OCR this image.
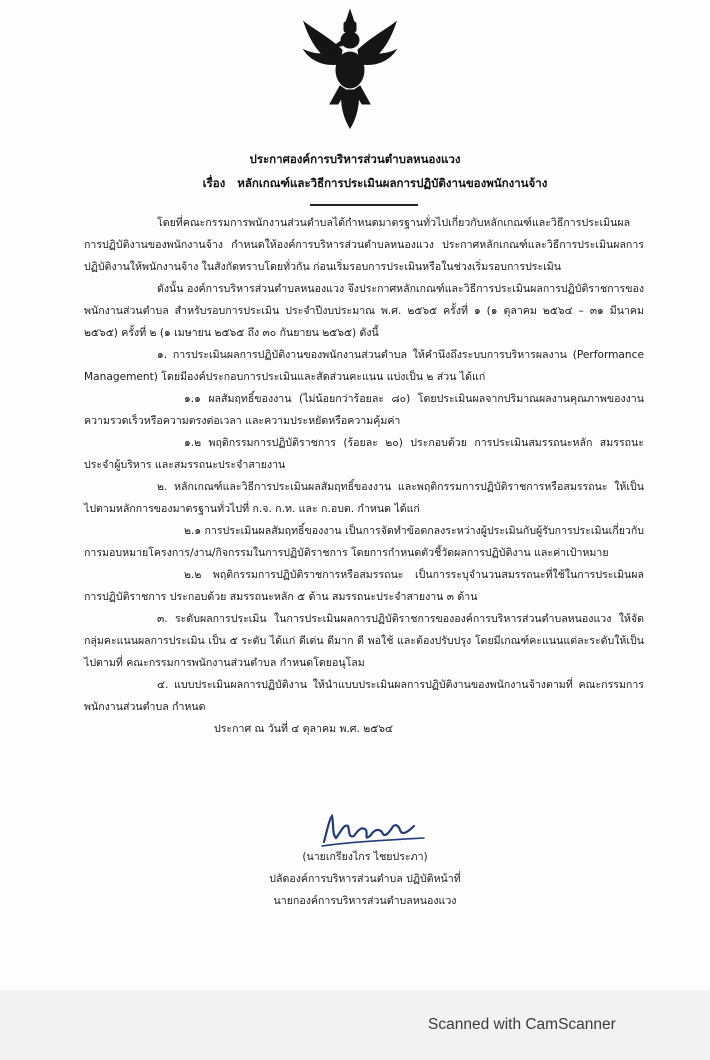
ประกาศองค์การบริหารส่วนตำบลหนองแวง
เรื่อง หลักเกณฑ์และวิธีการประเมินผลการปฏิบัติงานของพนักงานจ้าง

โดยที่คณะกรรมการพนักงานส่วนตำบลได้กำหนดมาตรฐานทั่วไปเกี่ยวกับหลักเกณฑ์และวิธีการประเมินผลการปฏิบัติงานของพนักงานจ้าง กำหนดให้องค์การบริหารส่วนตำบลหนองแวง ประกาศหลักเกณฑ์และวิธีการประเมินผลการปฏิบัติงานให้พนักงานจ้าง ในสังกัดทราบโดยทั่วกัน ก่อนเริ่มรอบการประเมินหรือในช่วงเริ่มรอบการประเมิน

ดังนั้น องค์การบริหารส่วนตำบลหนองแวง จึงประกาศหลักเกณฑ์และวิธีการประเมินผลการปฏิบัติราชการของพนักงานส่วนตำบล สำหรับรอบการประเมิน ประจำปีงบประมาณ พ.ศ. ๒๕๖๕ ครั้งที่ ๑ (๑ ตุลาคม ๒๕๖๔ – ๓๑ มีนาคม ๒๕๖๕) ครั้งที่ ๒ (๑ เมษายน ๒๕๖๕ ถึง ๓๐ กันยายน ๒๕๖๕) ดังนี้

๑. การประเมินผลการปฏิบัติงานของพนักงานส่วนตำบล ให้คำนึงถึงระบบการบริหารผลงาน (Performance Management) โดยมีองค์ประกอบการประเมินและสัดส่วนคะแนน แบ่งเป็น ๒ ส่วน ได้แก่

๑.๑ ผลสัมฤทธิ์ของงาน (ไม่น้อยกว่าร้อยละ ๘๐) โดยประเมินผลจากปริมาณผลงานคุณภาพของงาน ความรวดเร็วหรือความตรงต่อเวลา และความประหยัดหรือความคุ้มค่า

๑.๒ พฤติกรรมการปฏิบัติราชการ (ร้อยละ ๒๐) ประกอบด้วย การประเมินสมรรถนะหลัก สมรรถนะประจำผู้บริหาร และสมรรถนะประจำสายงาน

๒. หลักเกณฑ์และวิธีการประเมินผลสัมฤทธิ์ของงาน และพฤติกรรมการปฏิบัติราชการหรือสมรรถนะ ให้เป็นไปตามหลักการของมาตรฐานทั่วไปที่ ก.จ. ก.ท. และ ก.อบต. กำหนด ได้แก่

๒.๑ การประเมินผลสัมฤทธิ์ของงาน เป็นการจัดทำข้อตกลงระหว่างผู้ประเมินกับผู้รับการประเมินเกี่ยวกับการมอบหมายโครงการ/งาน/กิจกรรมในการปฏิบัติราชการ โดยการกำหนดตัวชี้วัดผลการปฏิบัติงาน และค่าเป้าหมาย

๒.๒ พฤติกรรมการปฏิบัติราชการหรือสมรรถนะ เป็นการระบุจำนวนสมรรถนะที่ใช้ในการประเมินผลการปฏิบัติราชการ ประกอบด้วย สมรรถนะหลัก ๕ ด้าน สมรรถนะประจำสายงาน ๓ ด้าน

๓. ระดับผลการประเมิน ในการประเมินผลการปฏิบัติราชการขององค์การบริหารส่วนตำบลหนองแวง ให้จัดกลุ่มคะแนนผลการประเมิน เป็น ๕ ระดับ ได้แก่ ดีเด่น ดีมาก ดี พอใช้ และต้องปรับปรุง โดยมีเกณฑ์คะแนนแต่ละระดับให้เป็นไปตามที่ คณะกรรมการพนักงานส่วนตำบล กำหนดโดยอนุโลม

๔. แบบประเมินผลการปฏิบัติงาน ให้นำแบบประเมินผลการปฏิบัติงานของพนักงานจ้างตามที่ คณะกรรมการพนักงานส่วนตำบล กำหนด

ประกาศ ณ วันที่ ๔ ตุลาคม พ.ศ. ๒๕๖๔

(นายเกรียงไกร ไชยประภา)
ปลัดองค์การบริหารส่วนตำบล ปฏิบัติหน้าที่
นายกองค์การบริหารส่วนตำบลหนองแวง
Scanned with CamScanner
